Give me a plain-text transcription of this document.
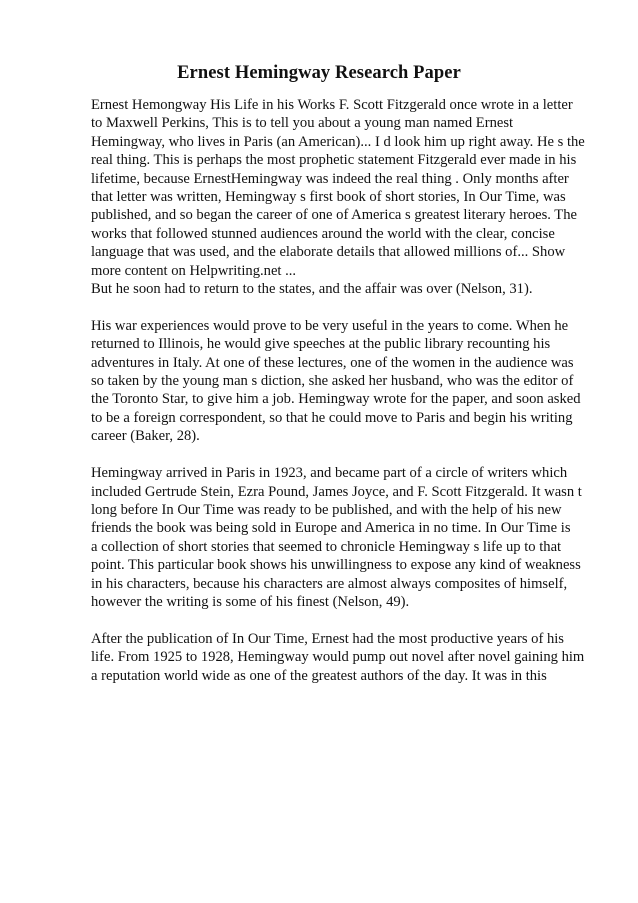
Ernest Hemingway Research Paper

Ernest Hemongway His Life in his Works F. Scott Fitzgerald once wrote in a letter
to Maxwell Perkins, This is to tell you about a young man named Ernest
Hemingway, who lives in Paris (an American)... I d look him up right away. He s the
real thing. This is perhaps the most prophetic statement Fitzgerald ever made in his
lifetime, because ErnestHemingway was indeed the real thing . Only months after
that letter was written, Hemingway s first book of short stories, In Our Time, was
published, and so began the career of one of America s greatest literary heroes. The
works that followed stunned audiences around the world with the clear, concise
language that was used, and the elaborate details that allowed millions of... Show
more content on Helpwriting.net ...

But he soon had to return to the states, and the affair was over (Nelson, 31).

His war experiences would prove to be very useful in the years to come. When he
returned to Illinois, he would give speeches at the public library recounting his
adventures in Italy. At one of these lectures, one of the women in the audience was
so taken by the young man s diction, she asked her husband, who was the editor of
the Toronto Star, to give him a job. Hemingway wrote for the paper, and soon asked
to be a foreign correspondent, so that he could move to Paris and begin his writing
career (Baker, 28).

Hemingway arrived in Paris in 1923, and became part of a circle of writers which
included Gertrude Stein, Ezra Pound, James Joyce, and F. Scott Fitzgerald. It wasn t
long before In Our Time was ready to be published, and with the help of his new
friends the book was being sold in Europe and America in no time. In Our Time is
a collection of short stories that seemed to chronicle Hemingway s life up to that
point. This particular book shows his unwillingness to expose any kind of weakness
in his characters, because his characters are almost always composites of himself,
however the writing is some of his finest (Nelson, 49).

After the publication of In Our Time, Ernest had the most productive years of his
life. From 1925 to 1928, Hemingway would pump out novel after novel gaining him
a reputation world wide as one of the greatest authors of the day. It was in this
